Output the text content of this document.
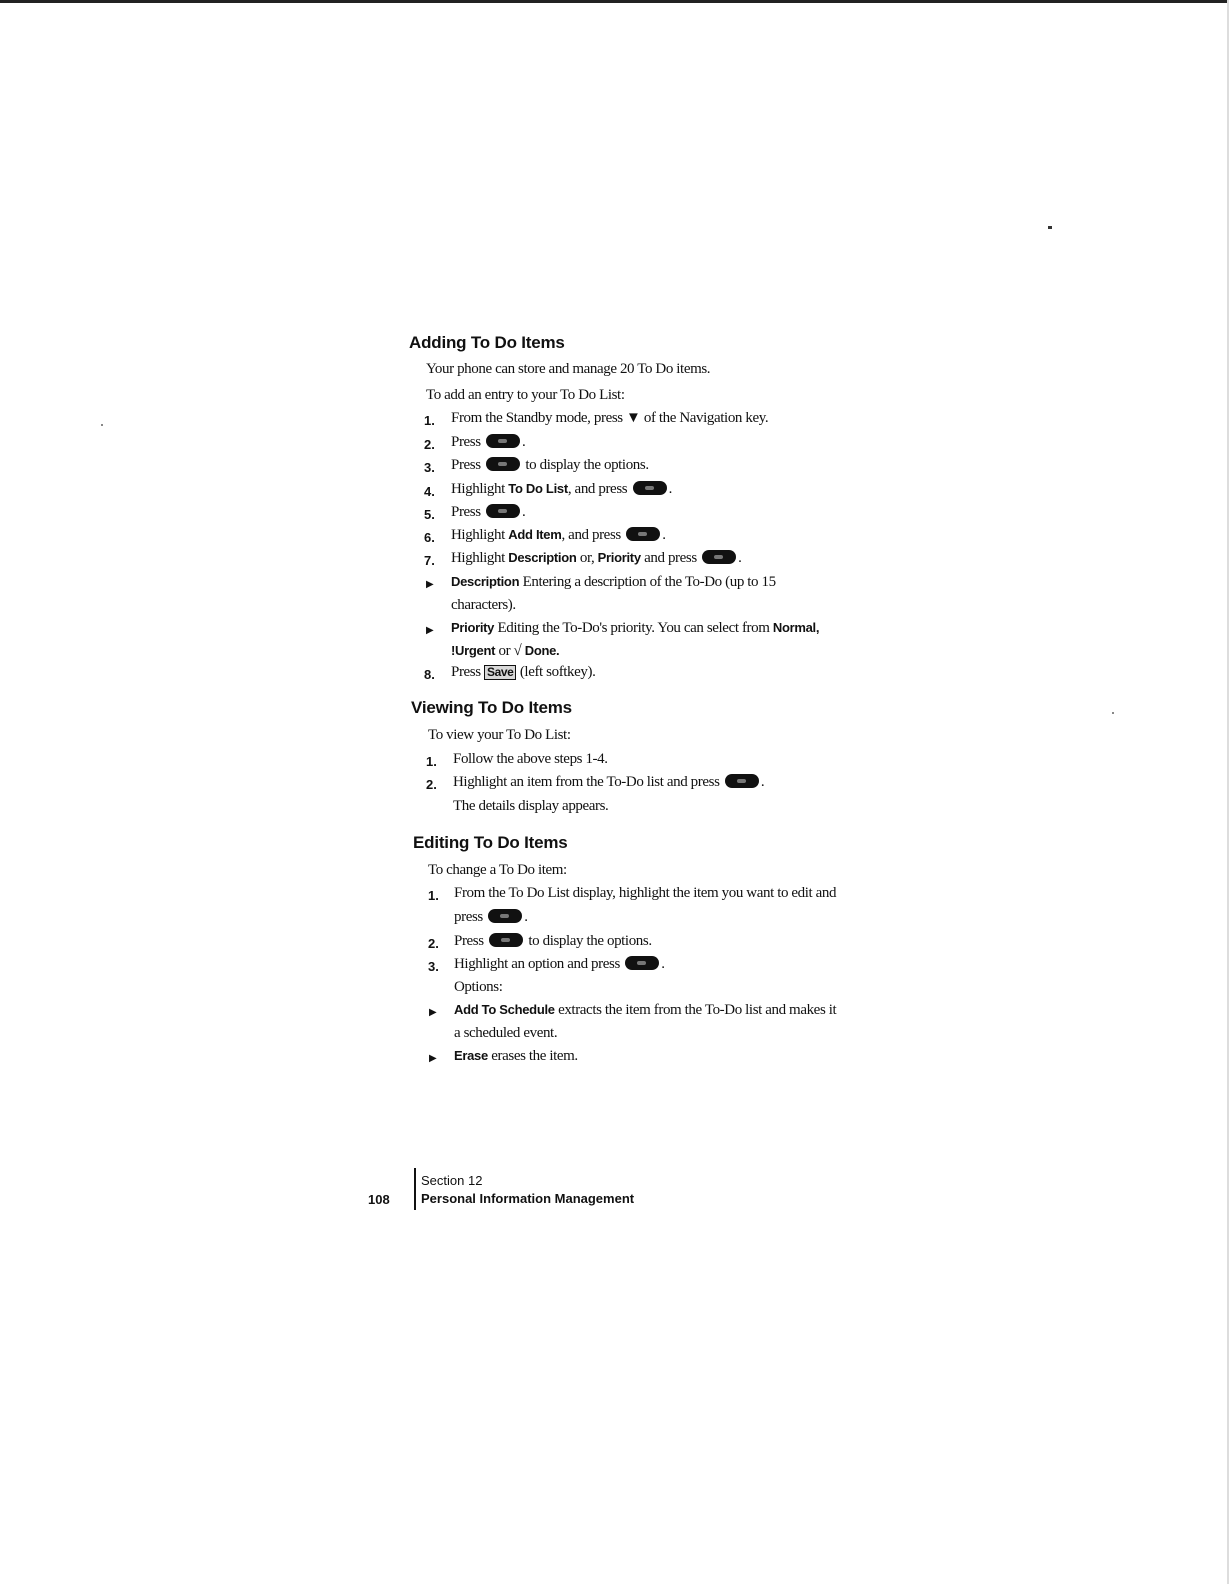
Adding To Do Items
Your phone can store and manage 20 To Do items.
To add an entry to your To Do List:
1. From the Standby mode, press ▼ of the Navigation key.
2. Press	.
3. Press	to display the options.
4. Highlight To Do List, and press	.
5. Press	.
6. Highlight Add Item, and press	.
7. Highlight Description or, Priority and press	.
▶ Description Entering a description of the To-Do (up to 15
characters).
▶ Priority Editing the To-Do's priority. You can select from Normal,
!Urgent or √ Done.
8. Press Save (left softkey).
Viewing To Do Items
To view your To Do List:
1. Follow the above steps 1-4.
2. Highlight an item from the To-Do list and press	.
The details display appears.
Editing To Do Items
To change a To Do item:
1. From the To Do List display, highlight the item you want to edit and
press	.
2. Press	to display the options.
3. Highlight an option and press	.
Options:
▶ Add To Schedule extracts the item from the To-Do list and makes it
a scheduled event.
▶ Erase erases the item.
Section 12
Personal Information Management
108
